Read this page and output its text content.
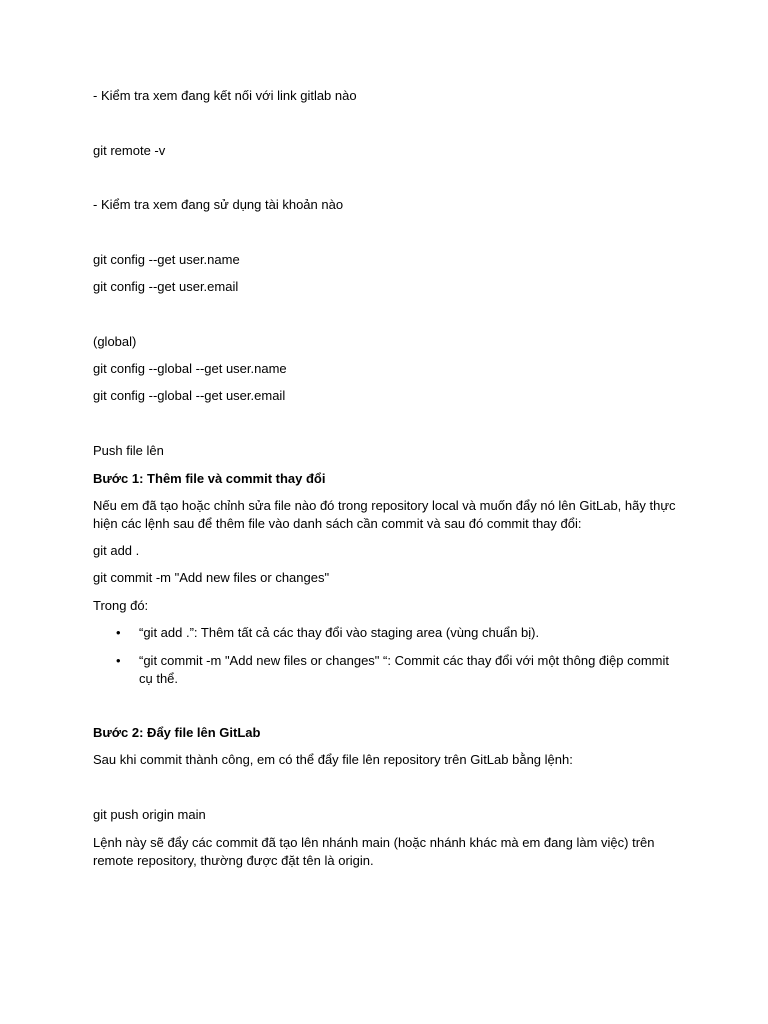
- Kiểm tra xem đang kết nối với link gitlab nào

git remote -v

- Kiểm tra xem đang sử dụng tài khoản nào

git config --get user.name

git config --get user.email

(global)

git config --global --get user.name

git config --global --get user.email

Push file lên

Bước 1: Thêm file và commit thay đổi

Nếu em đã tạo hoặc chỉnh sửa file nào đó trong repository local và muốn đẩy nó lên GitLab, hãy thực hiện các lệnh sau để thêm file vào danh sách cần commit và sau đó commit thay đổi:

git add .

git commit -m "Add new files or changes"

Trong đó:

• “git add .”: Thêm tất cả các thay đổi vào staging area (vùng chuẩn bị).

• “git commit -m "Add new files or changes" “: Commit các thay đổi với một thông điệp commit cụ thể.

Bước 2: Đẩy file lên GitLab

Sau khi commit thành công, em có thể đẩy file lên repository trên GitLab bằng lệnh:

git push origin main

Lệnh này sẽ đẩy các commit đã tạo lên nhánh main (hoặc nhánh khác mà em đang làm việc) trên remote repository, thường được đặt tên là origin.
